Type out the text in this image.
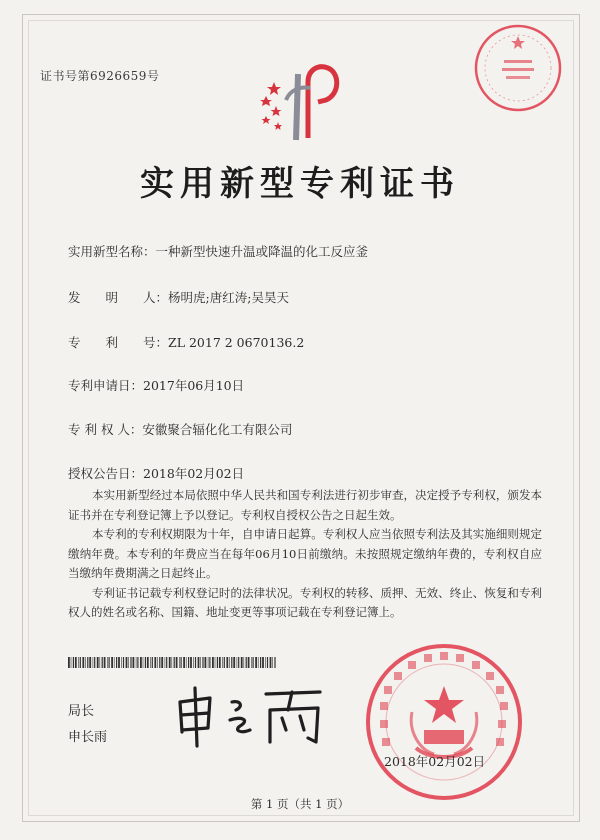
证书号第6926659号
实用新型专利证书
实用新型名称：一种新型快速升温或降温的化工反应釜
发　　明　　人：杨明虎;唐红涛;吴昊天
专　　利　　号：ZL 2017 2 0670136.2
专利申请日：2017年06月10日
专 利 权 人：安徽聚合辐化化工有限公司
授权公告日：2018年02月02日

本实用新型经过本局依照中华人民共和国专利法进行初步审查，决定授予专利权，颁发本证书并在专利登记簿上予以登记。专利权自授权公告之日起生效。

本专利的专利权期限为十年，自申请日起算。专利权人应当依照专利法及其实施细则规定缴纳年费。本专利的年费应当在每年06月10日前缴纳。未按照规定缴纳年费的，专利权自应当缴纳年费期满之日起终止。

专利证书记载专利权登记时的法律状况。专利权的转移、质押、无效、终止、恢复和专利权人的姓名或名称、国籍、地址变更等事项记载在专利登记簿上。

局长
申长雨
2018年02月02日
第 1 页（共 1 页）
